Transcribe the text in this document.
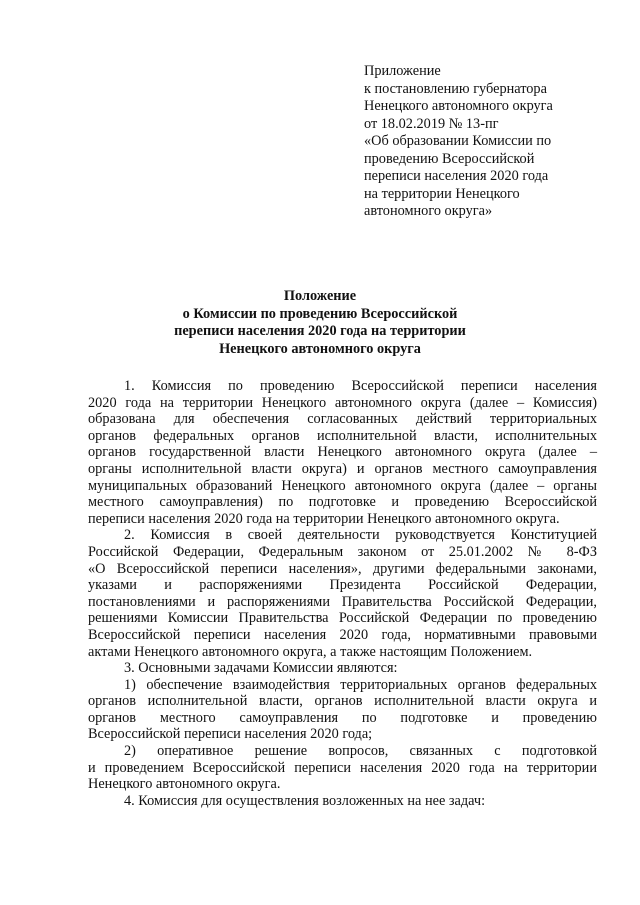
Приложение
к постановлению губернатора
Ненецкого автономного округа
от 18.02.2019 № 13-пг
«Об образовании Комиссии по
проведению Всероссийской
переписи населения 2020 года
на территории Ненецкого
автономного округа»
Положение
о Комиссии по проведению Всероссийской
переписи населения 2020 года на территории
Ненецкого автономного округа
1. Комиссия по проведению Всероссийской переписи населения
2020 года на территории Ненецкого автономного округа (далее – Комиссия)
образована для обеспечения согласованных действий территориальных
органов федеральных органов исполнительной власти, исполнительных
органов государственной власти Ненецкого автономного округа (далее –
органы исполнительной власти округа) и органов местного самоуправления
муниципальных образований Ненецкого автономного округа (далее – органы
местного самоуправления) по подготовке и проведению Всероссийской
переписи населения 2020 года на территории Ненецкого автономного округа.
2. Комиссия в своей деятельности руководствуется Конституцией
Российской Федерации, Федеральным законом от 25.01.2002 № 8-ФЗ
«О Всероссийской переписи населения», другими федеральными законами,
указами и распоряжениями Президента Российской Федерации,
постановлениями и распоряжениями Правительства Российской Федерации,
решениями Комиссии Правительства Российской Федерации по проведению
Всероссийской переписи населения 2020 года, нормативными правовыми
актами Ненецкого автономного округа, а также настоящим Положением.
3. Основными задачами Комиссии являются:
1) обеспечение взаимодействия территориальных органов федеральных
органов исполнительной власти, органов исполнительной власти округа и
органов местного самоуправления по подготовке и проведению
Всероссийской переписи населения 2020 года;
2) оперативное решение вопросов, связанных с подготовкой
и проведением Всероссийской переписи населения 2020 года на территории
Ненецкого автономного округа.
4. Комиссия для осуществления возложенных на нее задач:
